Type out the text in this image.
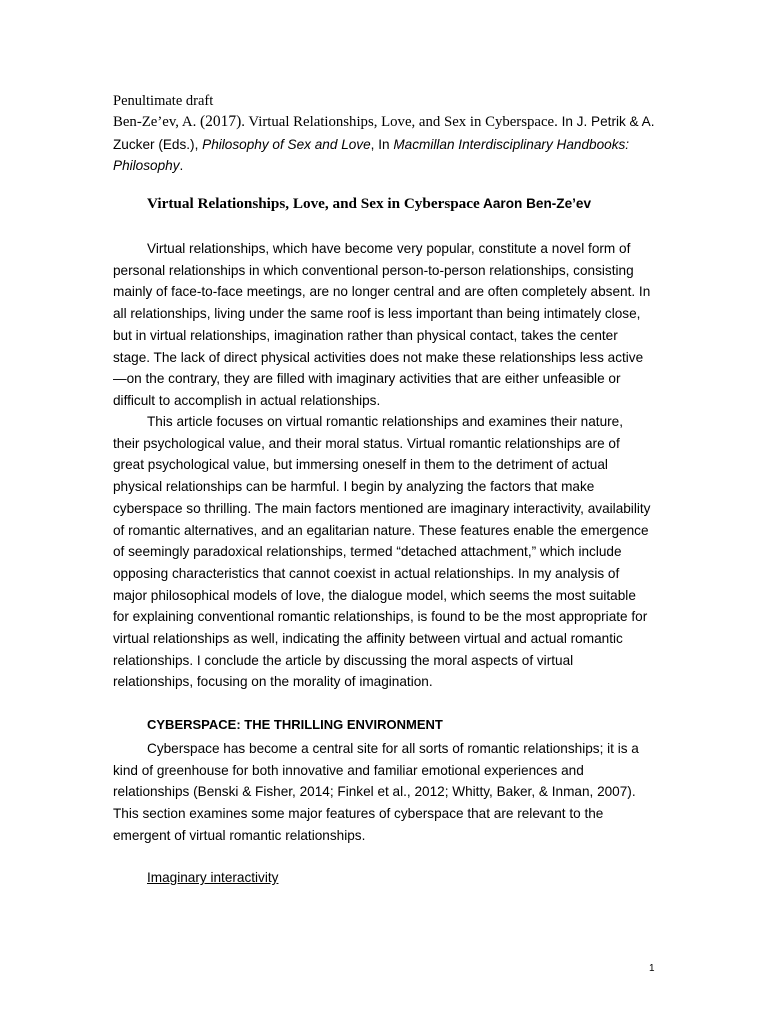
Penultimate draft
Ben-Ze’ev, A. (2017). Virtual Relationships, Love, and Sex in Cyberspace. In J. Petrik & A. Zucker (Eds.), Philosophy of Sex and Love, In Macmillan Interdisciplinary Handbooks: Philosophy.
Virtual Relationships, Love, and Sex in Cyberspace Aaron Ben-Ze’ev

Virtual relationships, which have become very popular, constitute a novel form of personal relationships in which conventional person-to-person relationships, consisting mainly of face-to-face meetings, are no longer central and are often completely absent. In all relationships, living under the same roof is less important than being intimately close, but in virtual relationships, imagination rather than physical contact, takes the center stage. The lack of direct physical activities does not make these relationships less active—on the contrary, they are filled with imaginary activities that are either unfeasible or difficult to accomplish in actual relationships.

This article focuses on virtual romantic relationships and examines their nature, their psychological value, and their moral status. Virtual romantic relationships are of great psychological value, but immersing oneself in them to the detriment of actual physical relationships can be harmful. I begin by analyzing the factors that make cyberspace so thrilling. The main factors mentioned are imaginary interactivity, availability of romantic alternatives, and an egalitarian nature. These features enable the emergence of seemingly paradoxical relationships, termed “detached attachment,” which include opposing characteristics that cannot coexist in actual relationships. In my analysis of major philosophical models of love, the dialogue model, which seems the most suitable for explaining conventional romantic relationships, is found to be the most appropriate for virtual relationships as well, indicating the affinity between virtual and actual romantic relationships. I conclude the article by discussing the moral aspects of virtual relationships, focusing on the morality of imagination.

CYBERSPACE: THE THRILLING ENVIRONMENT

Cyberspace has become a central site for all sorts of romantic relationships; it is a kind of greenhouse for both innovative and familiar emotional experiences and relationships (Benski & Fisher, 2014; Finkel et al., 2012; Whitty, Baker, & Inman, 2007). This section examines some major features of cyberspace that are relevant to the emergent of virtual romantic relationships.

Imaginary interactivity
1
